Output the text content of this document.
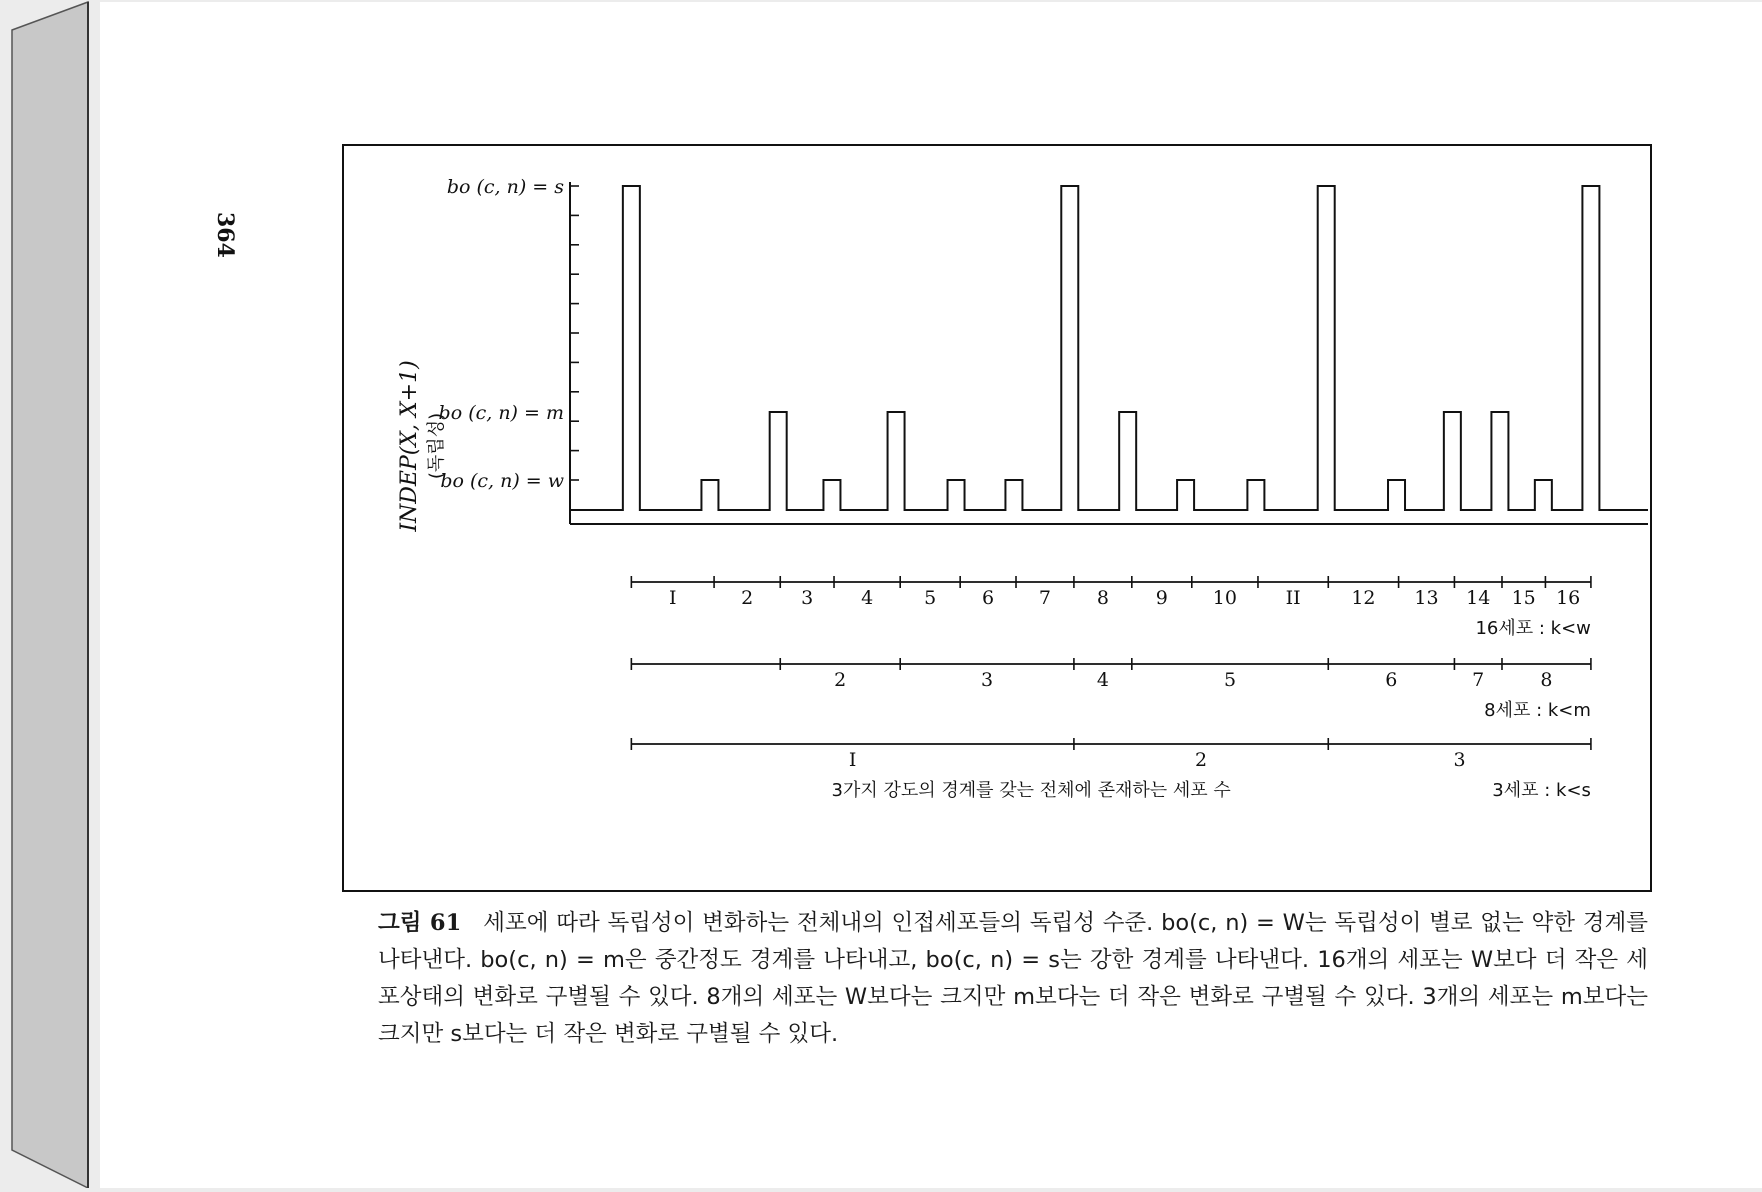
364
bo (c, n) = s
bo (c, n) = m
bo (c, n) = w
INDEP(X, X+1) (독립성)
I	2	3	4	5 6 7 8 9 10	II	12 13 14 15 16
16세포 : k<w
2	3	4	5	6	7	8
8세포 : k<m
I	2	3
3세포 : k<s
3가지 강도의 경계를 갖는 전체에 존재하는 세포 수
그림 61 세포에 따라 독립성이 변화하는 전체내의 인접세포들의 독립성 수준. bo(c, n) = W는 독립성이 별로 없는 약한 경계를 나타낸다. bo(c, n) = m은 중간정도 경계를 나타내고, bo(c, n) = s는 강한 경계를 나타낸다. 16개의 세포는 W보다 더 작은 세포상태의 변화로 구별될 수 있다. 8개의 세포는 W보다는 크지만 m보다는 더 작은 변화로 구별될 수 있다. 3개의 세포는 m보다는 크지만 s보다는 더 작은 변화로 구별될 수 있다.
